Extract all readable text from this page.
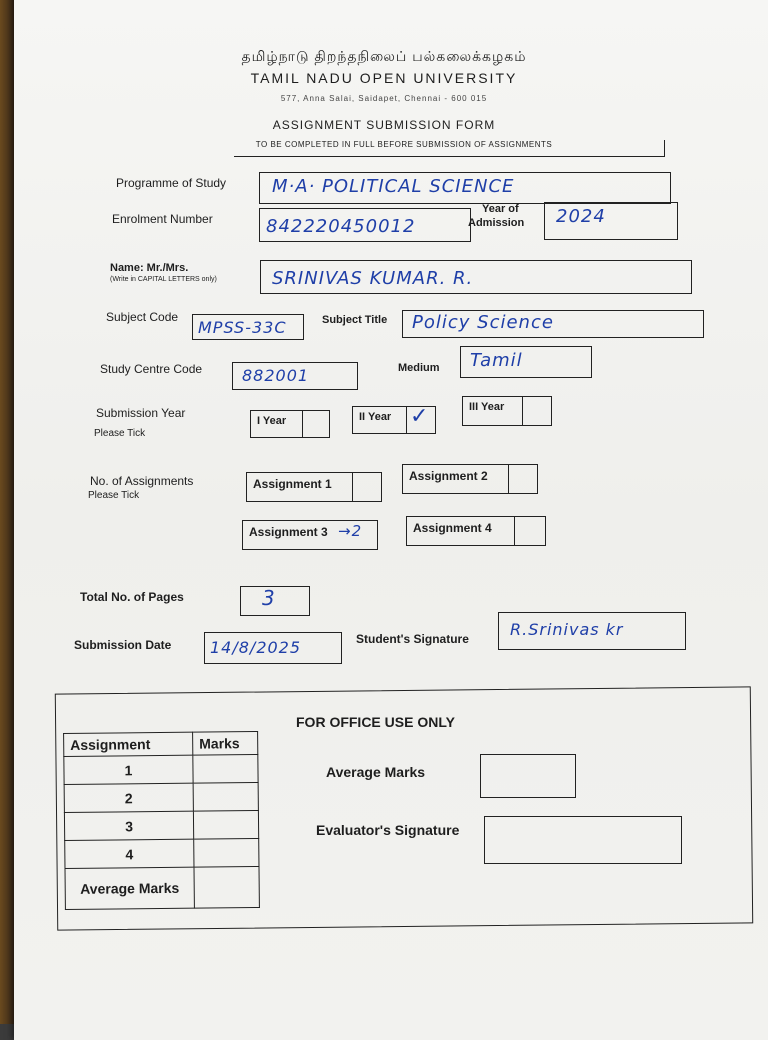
தமிழ்நாடு திறந்தநிலைப் பல்கலைக்கழகம்
TAMIL NADU OPEN UNIVERSITY
577, Anna Salai, Saidapet, Chennai - 600 015
ASSIGNMENT SUBMISSION FORM
TO BE COMPLETED IN FULL BEFORE SUBMISSION OF ASSIGNMENTS
Programme of Study	M·A· POLITICAL SCIENCE
Enrolment Number	842220450012
Year of
Admission 2024
Name: Mr./Mrs.
(Write in CAPITAL LETTERS only)	SRINIVAS KUMAR. R.
Subject Code
MPSS-33C	Subject Title Policy Science
Study Centre Code 882001	Medium Tamil
Submission Year
Please Tick
I Year	II Year ✓	III Year
No. of Assignments
Please Tick
Assignment 1
Assignment 2
Assignment 3 →2	Assignment 4
Total No. of Pages	3
Submission Date 14/8/2025	Student's Signature	R.Srinivas kr
FOR OFFICE USE ONLY
Assignment	Marks
1	
2	
3	
4	
Average Marks	
Average Marks
Evaluator's Signature
